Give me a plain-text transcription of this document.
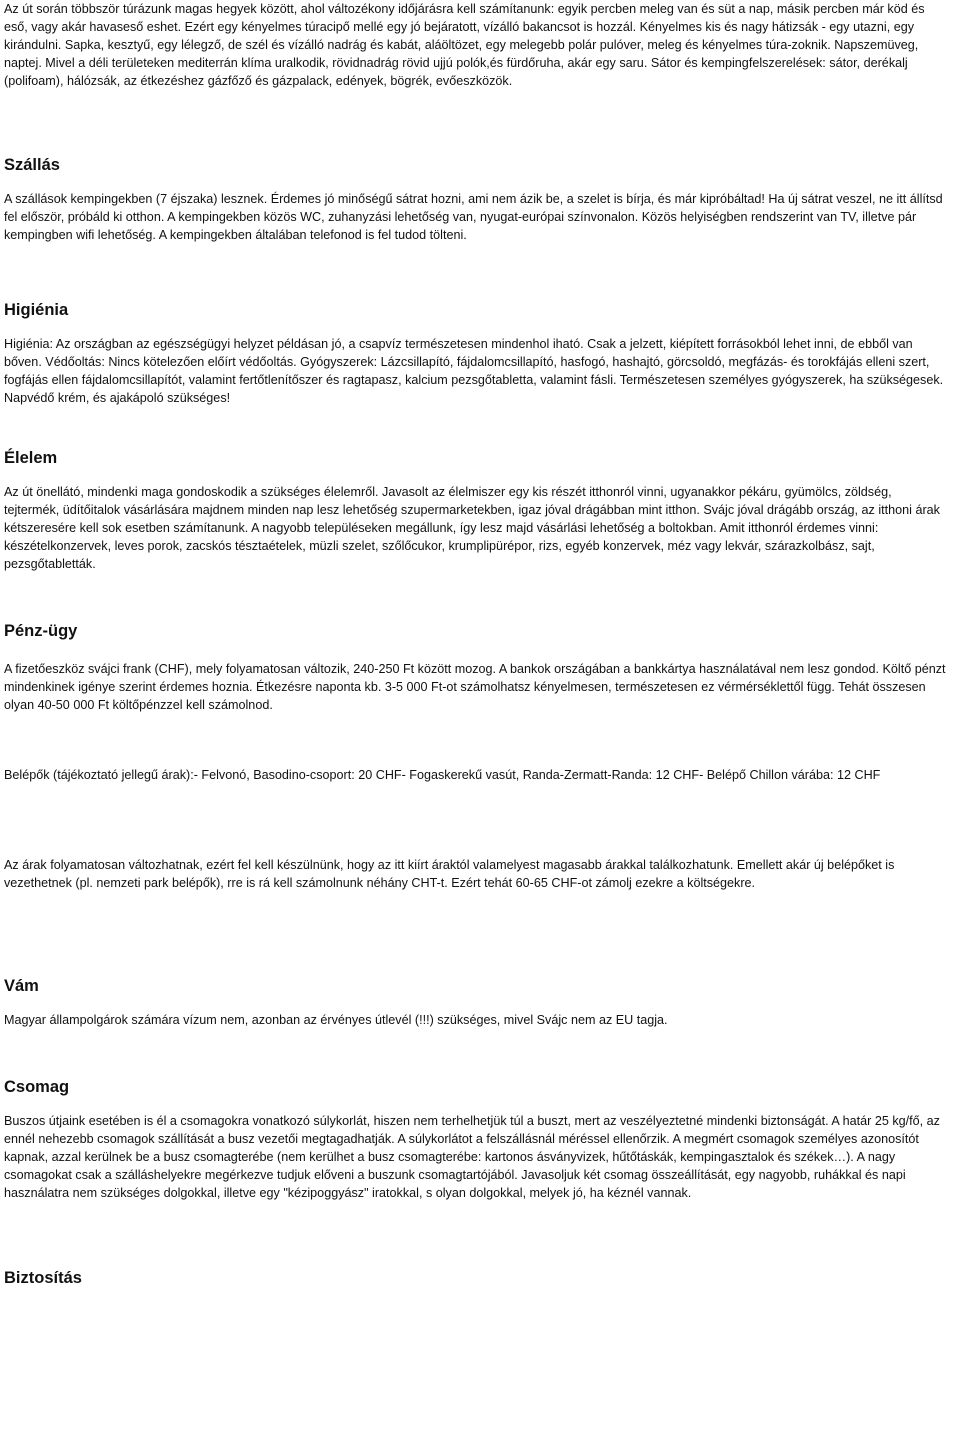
Az út során többször túrázunk magas hegyek között, ahol változékony időjárásra kell számítanunk: egyik percben meleg van és süt a nap, másik percben már köd és eső, vagy akár havaseső eshet. Ezért egy kényelmes túracipő mellé egy jó bejáratott, vízálló bakancsot is hozzál. Kényelmes kis és nagy hátizsák - egy utazni, egy kirándulni. Sapka, kesztyű, egy lélegző, de szél és vízálló nadrág és kabát, aláöltözet, egy melegebb polár pulóver, meleg és kényelmes túra-zoknik. Napszemüveg, naptej. Mivel a déli területeken mediterrán klíma uralkodik, rövidnadrág rövid ujjú polók,és fürdőruha, akár egy saru. Sátor és kempingfelszerelések: sátor, derékalj (polifoam), hálózsák, az étkezéshez gázfőző és gázpalack, edények, bögrék, evőeszközök.

Szállás

A szállások kempingekben (7 éjszaka) lesznek. Érdemes jó minőségű sátrat hozni, ami nem ázik be, a szelet is bírja, és már kipróbáltad! Ha új sátrat veszel, ne itt állítsd fel először, próbáld ki otthon. A kempingekben közös WC, zuhanyzási lehetőség van, nyugat-európai színvonalon. Közös helyiségben rendszerint van TV, illetve pár kempingben wifi lehetőség. A kempingekben általában telefonod is fel tudod tölteni.

Higiénia

Higiénia: Az országban az egészségügyi helyzet példásan jó, a csapvíz természetesen mindenhol iható. Csak a jelzett, kiépített forrásokból lehet inni, de ebből van bőven. Védőoltás: Nincs kötelezően előírt védőoltás. Gyógyszerek: Lázcsillapító, fájdalomcsillapító, hasfogó, hashajtó, görcsoldó, megfázás- és torokfájás elleni szert, fogfájás ellen fájdalomcsillapítót, valamint fertőtlenítőszer és ragtapasz, kalcium pezsgőtabletta, valamint fásli. Természetesen személyes gyógyszerek, ha szükségesek. Napvédő krém, és ajakápoló szükséges!

Élelem

Az út önellátó, mindenki maga gondoskodik a szükséges élelemről. Javasolt az élelmiszer egy kis részét itthonról vinni, ugyanakkor pékáru, gyümölcs, zöldség, tejtermék, üdítőitalok vásárlására majdnem minden nap lesz lehetőség szupermarketekben, igaz jóval drágábban mint itthon. Svájc jóval drágább ország, az itthoni árak kétszeresére kell sok esetben számítanunk. A nagyobb településeken megállunk, így lesz majd vásárlási lehetőség a boltokban. Amit itthonról érdemes vinni: készételkonzervek, leves porok, zacskós tésztaételek, müzli szelet, szőlőcukor, krumplipürépor, rizs, egyéb konzervek, méz vagy lekvár, szárazkolbász, sajt, pezsgőtabletták.

Pénz-ügy

A fizetőeszköz svájci frank (CHF), mely folyamatosan változik, 240-250 Ft között mozog. A bankok országában a bankkártya használatával nem lesz gondod. Költő pénzt mindenkinek igénye szerint érdemes hoznia. Étkezésre naponta kb. 3-5 000 Ft-ot számolhatsz kényelmesen, természetesen ez vérmérséklettől függ. Tehát összesen olyan 40-50 000 Ft költőpénzzel kell számolnod.

Belépők (tájékoztató jellegű árak):- Felvonó, Basodino-csoport: 20 CHF- Fogaskerekű vasút, Randa-Zermatt-Randa: 12 CHF- Belépő Chillon várába: 12 CHF

Az árak folyamatosan változhatnak, ezért fel kell készülnünk, hogy az itt kiírt áraktól valamelyest magasabb árakkal találkozhatunk. Emellett akár új belépőket is vezethetnek (pl. nemzeti park belépők), rre is rá kell számolnunk néhány CHT-t. Ezért tehát 60-65 CHF-ot zámolj ezekre a költségekre.

Vám

Magyar állampolgárok számára vízum nem, azonban az érvényes útlevél (!!!) szükséges, mivel Svájc nem az EU tagja.

Csomag

Buszos útjaink esetében is él a csomagokra vonatkozó súlykorlát, hiszen nem terhelhetjük túl a buszt, mert az veszélyeztetné mindenki biztonságát. A határ 25 kg/fő, az ennél nehezebb csomagok szállítását a busz vezetői megtagadhatják. A súlykorlátot a felszállásnál méréssel ellenőrzik. A megmért csomagok személyes azonosítót kapnak, azzal kerülnek be a busz csomagterébe (nem kerülhet a busz csomagterébe: kartonos ásványvizek, hűtőtáskák, kempingasztalok és székek…). A nagy csomagokat csak a szálláshelyekre megérkezve tudjuk előveni a buszunk csomagtartójából. Javasoljuk két csomag összeállítását, egy nagyobb, ruhákkal és napi használatra nem szükséges dolgokkal, illetve egy "kézipoggyász" iratokkal, s olyan dolgokkal, melyek jó, ha kéznél vannak.

Biztosítás
